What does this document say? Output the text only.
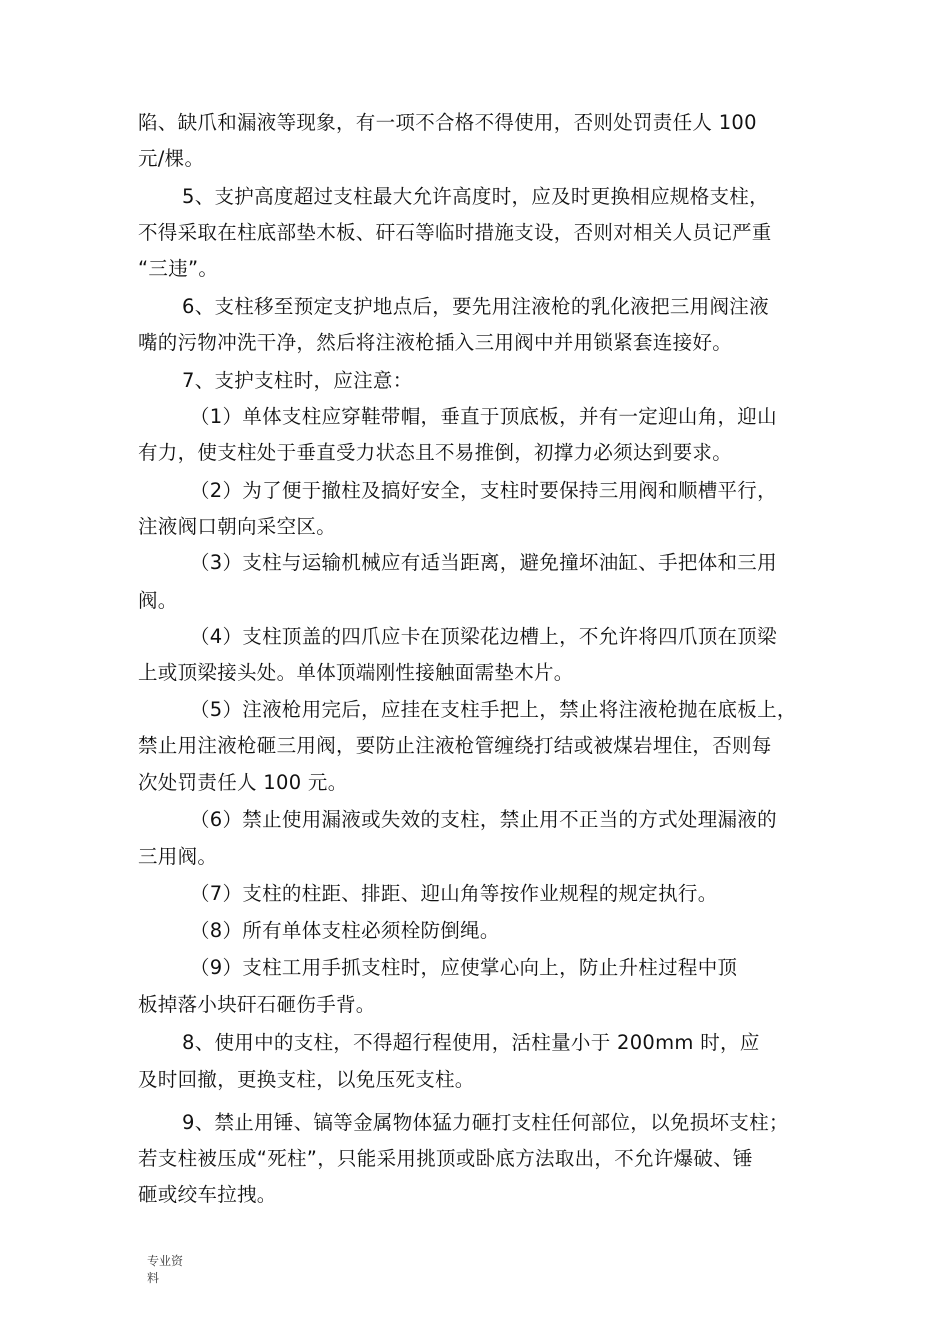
陷、缺爪和漏液等现象，有一项不合格不得使用，否则处罚责任人 100
元/棵。
5、支护高度超过支柱最大允许高度时，应及时更换相应规格支柱，
不得采取在柱底部垫木板、矸石等临时措施支设，否则对相关人员记严重
“三违”。
6、支柱移至预定支护地点后，要先用注液枪的乳化液把三用阀注液
嘴的污物冲洗干净，然后将注液枪插入三用阀中并用锁紧套连接好。
7、支护支柱时，应注意：
（1）单体支柱应穿鞋带帽，垂直于顶底板，并有一定迎山角，迎山
有力，使支柱处于垂直受力状态且不易推倒，初撑力必须达到要求。
（2）为了便于撤柱及搞好安全，支柱时要保持三用阀和顺槽平行，
注液阀口朝向采空区。
（3）支柱与运输机械应有适当距离，避免撞坏油缸、手把体和三用
阀。
（4）支柱顶盖的四爪应卡在顶梁花边槽上，不允许将四爪顶在顶梁
上或顶梁接头处。单体顶端刚性接触面需垫木片。
（5）注液枪用完后，应挂在支柱手把上，禁止将注液枪抛在底板上，
禁止用注液枪砸三用阀，要防止注液枪管缠绕打结或被煤岩埋住，否则每
次处罚责任人 100 元。
（6）禁止使用漏液或失效的支柱，禁止用不正当的方式处理漏液的
三用阀。
（7）支柱的柱距、排距、迎山角等按作业规程的规定执行。
（8）所有单体支柱必须栓防倒绳。
（9）支柱工用手抓支柱时，应使掌心向上，防止升柱过程中顶
板掉落小块矸石砸伤手背。
8、使用中的支柱，不得超行程使用，活柱量小于 200mm 时，应
及时回撤，更换支柱，以免压死支柱。
9、禁止用锤、镐等金属物体猛力砸打支柱任何部位，以免损坏支柱；
若支柱被压成“死柱”，只能采用挑顶或卧底方法取出，不允许爆破、锤
砸或绞车拉拽。
专业资
料
